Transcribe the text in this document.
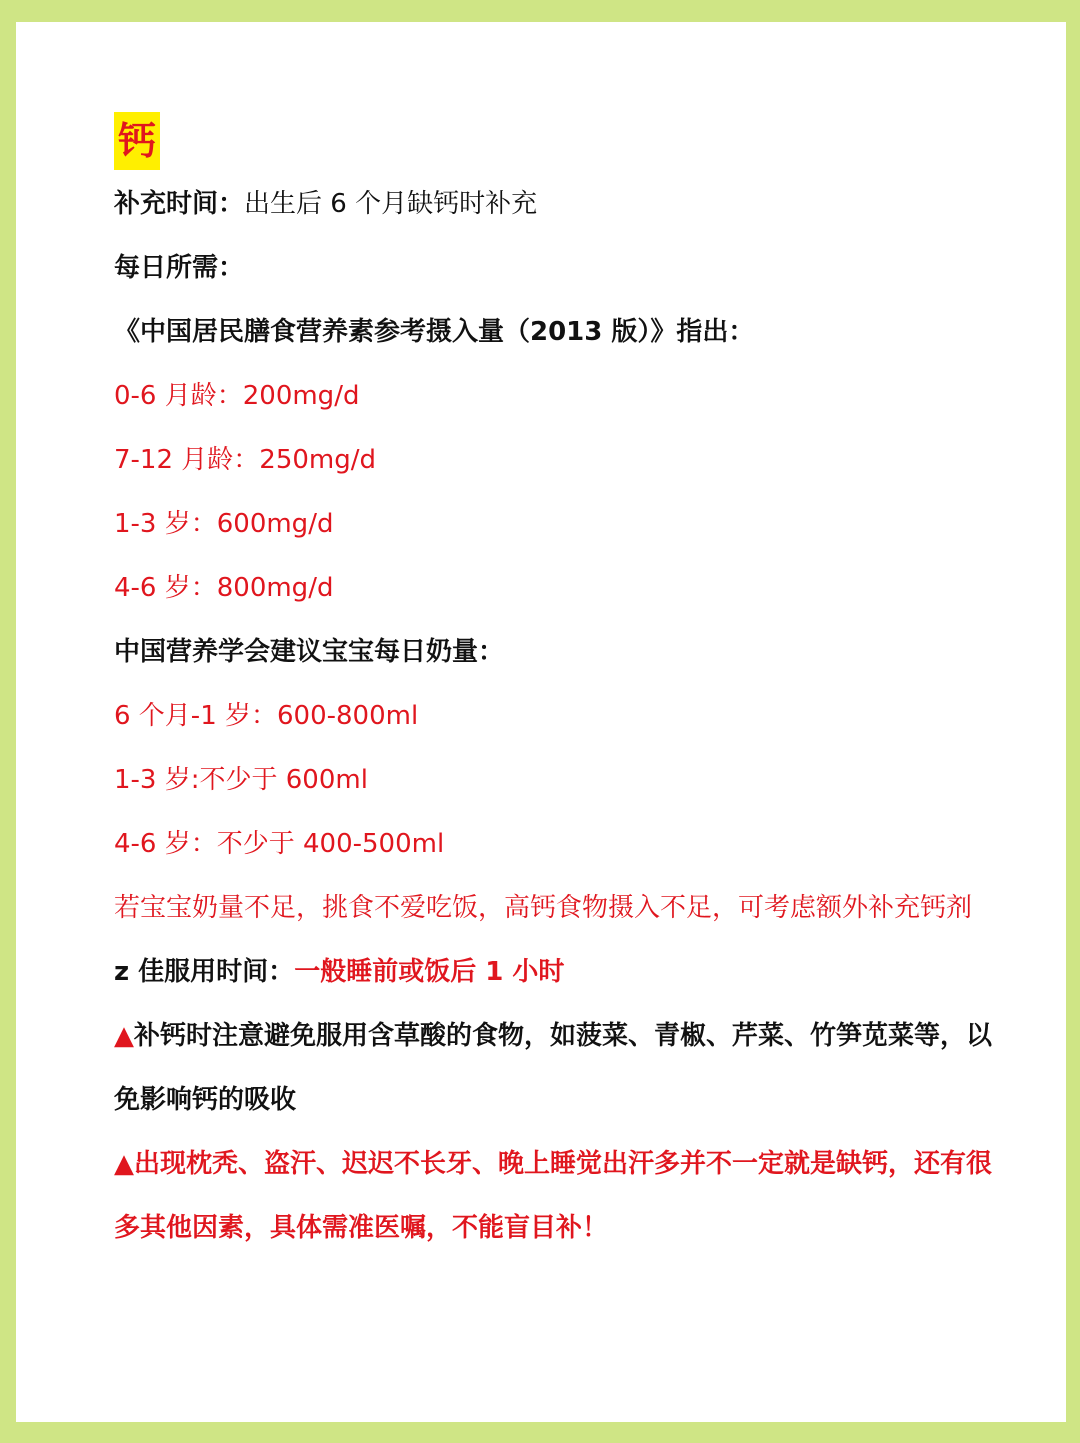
钙

补充时间：出生后 6 个月缺钙时补充

每日所需：

《中国居民膳食营养素参考摄入量（2013 版）》指出：

0-6 月龄：200mg/d

7-12 月龄：250mg/d

1-3 岁：600mg/d

4-6 岁：800mg/d

中国营养学会建议宝宝每日奶量：

6 个月-1 岁：600-800ml

1-3 岁:不少于 600ml

4-6 岁：不少于 400-500ml

若宝宝奶量不足，挑食不爱吃饭，高钙食物摄入不足，可考虑额外补充钙剂

z 佳服用时间：一般睡前或饭后 1 小时

▲补钙时注意避免服用含草酸的食物，如菠菜、青椒、芹菜、竹笋苋菜等，以免影响钙的吸收

▲出现枕秃、盗汗、迟迟不长牙、晚上睡觉出汗多并不一定就是缺钙，还有很多其他因素，具体需准医嘱，不能盲目补！
